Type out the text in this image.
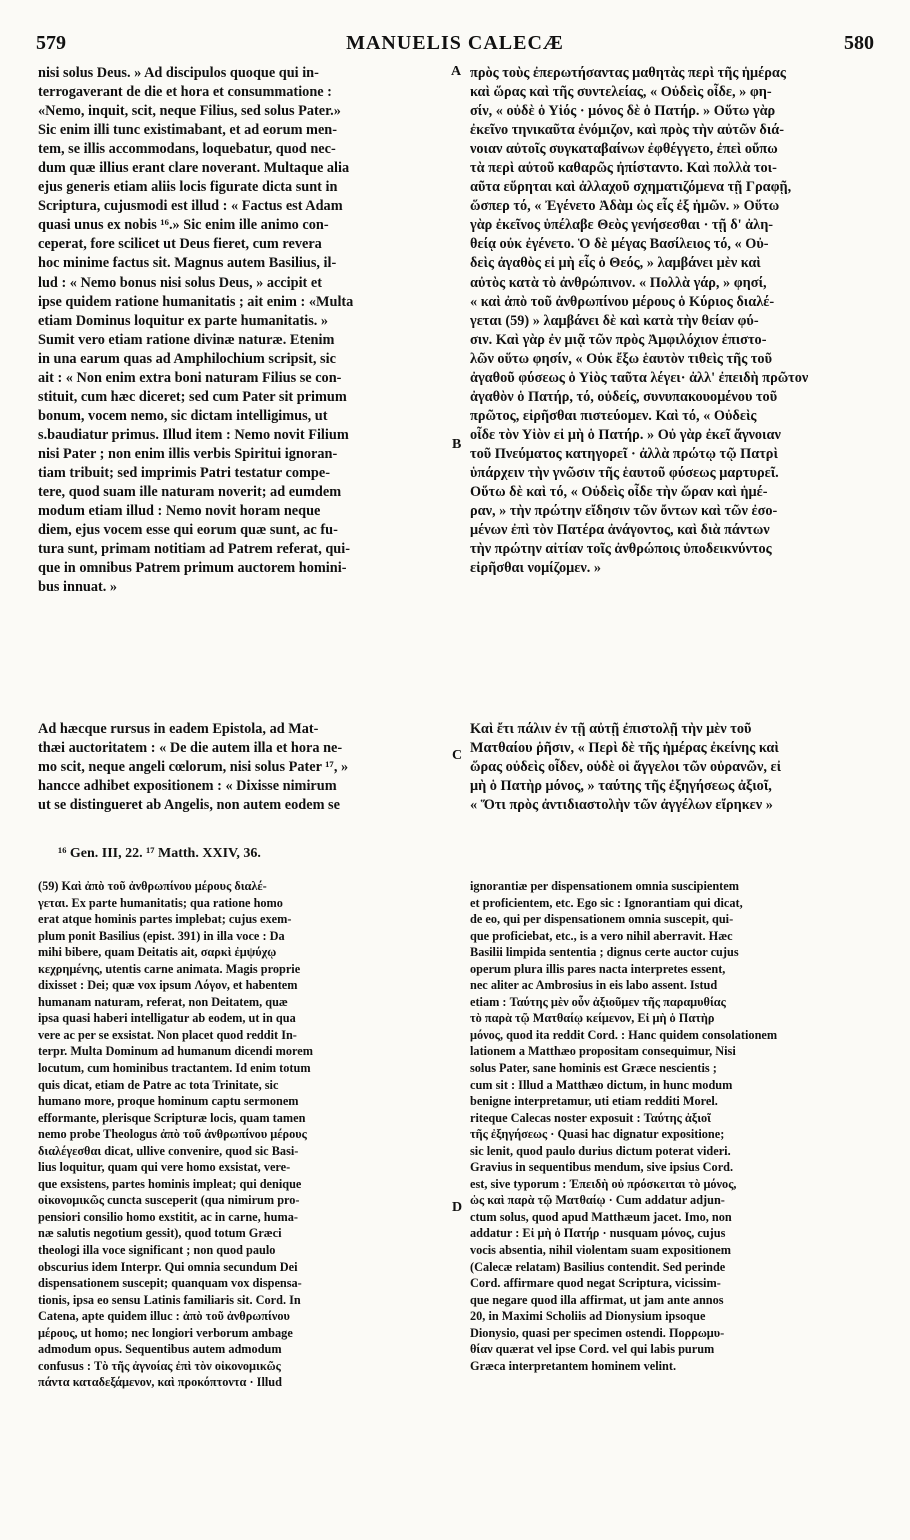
579	MANUELIS CALECÆ	580
A
B
C
D
nisi solus Deus. » Ad discipulos quoque qui in-
terrogaverant de die et hora et consummatione :
«Nemo, inquit, scit, neque Filius, sed solus Pater.»
Sic enim illi tunc existimabant, et ad eorum men-
tem, se illis accommodans, loquebatur, quod nec-
dum quæ illius erant clare noverant. Multaque alia
ejus generis etiam aliis locis figurate dicta sunt in
Scriptura, cujusmodi est illud : « Factus est Adam
quasi unus ex nobis ¹⁶.» Sic enim ille animo con-
ceperat, fore scilicet ut Deus fieret, cum revera
hoc minime factus sit. Magnus autem Basilius, il-
lud : « Nemo bonus nisi solus Deus, » accipit et
ipse quidem ratione humanitatis ; ait enim : «Multa
etiam Dominus loquitur ex parte humanitatis. »
Sumit vero etiam ratione divinæ naturæ. Etenim
in una earum quas ad Amphilochium scripsit, sic
ait : « Non enim extra boni naturam Filius se con-
stituit, cum hæc diceret; sed cum Pater sit primum
bonum, vocem nemo, sic dictam intelligimus, ut
s.baudiatur primus. Illud item : Nemo novit Filium
nisi Pater ; non enim illis verbis Spiritui ignoran-
tiam tribuit; sed imprimis Patri testatur compe-
tere, quod suam ille naturam noverit; ad eumdem
modum etiam illud : Nemo novit horam neque
diem, ejus vocem esse qui eorum quæ sunt, ac fu-
tura sunt, primam notitiam ad Patrem referat, qui-
que in omnibus Patrem primum auctorem homini-
bus innuat. »
πρὸς τοὺς ἐπερωτήσαντας μαθητὰς περὶ τῆς ἡμέρας
καὶ ὥρας καὶ τῆς συντελείας, « Οὐδεὶς οἶδε, » φη-
σίν, « οὐδὲ ὁ Υἱός · μόνος δὲ ὁ Πατήρ. » Οὕτω γὰρ
ἐκεῖνο τηνικαῦτα ἐνόμιζον, καὶ πρὸς τὴν αὐτῶν διά-
νοιαν αὐτοῖς συγκαταβαίνων ἐφθέγγετο, ἐπεὶ οὔπω
τὰ περὶ αὐτοῦ καθαρῶς ἠπίσταντο. Καὶ πολλὰ τοι-
αῦτα εὕρηται καὶ ἀλλαχοῦ σχηματιζόμενα τῇ Γραφῇ,
ὥσπερ τό, « Ἐγένετο Ἀδὰμ ὡς εἷς ἐξ ἡμῶν. » Οὕτω
γὰρ ἐκεῖνος ὑπέλαβε Θεὸς γενήσεσθαι · τῇ δ' ἀλη-
θείᾳ οὐκ ἐγένετο. Ὁ δὲ μέγας Βασίλειος τό, « Οὐ-
δεὶς ἀγαθὸς εἰ μὴ εἷς ὁ Θεός, » λαμβάνει μὲν καὶ
αὐτὸς κατὰ τὸ ἀνθρώπινον. « Πολλὰ γάρ, » φησί,
« καὶ ἀπὸ τοῦ ἀνθρωπίνου μέρους ὁ Κύριος διαλέ-
γεται (59) » λαμβάνει δὲ καὶ κατὰ τὴν θείαν φύ-
σιν. Καὶ γὰρ ἐν μιᾷ τῶν πρὸς Ἀμφιλόχιον ἐπιστο-
λῶν οὕτω φησίν, « Οὐκ ἔξω ἑαυτὸν τιθεὶς τῆς τοῦ
ἀγαθοῦ φύσεως ὁ Υἱὸς ταῦτα λέγει· ἀλλ' ἐπειδὴ πρῶτον
ἀγαθὸν ὁ Πατήρ, τό, οὐδείς, συνυπακουομένου τοῦ
πρῶτος, εἰρῆσθαι πιστεύομεν. Καὶ τό, « Οὐδεὶς
οἶδε τὸν Υἱὸν εἰ μὴ ὁ Πατήρ. » Οὐ γὰρ ἐκεῖ ἄγνοιαν
τοῦ Πνεύματος κατηγορεῖ · ἀλλὰ πρώτῳ τῷ Πατρὶ
ὑπάρχειν τὴν γνῶσιν τῆς ἑαυτοῦ φύσεως μαρτυρεῖ.
Οὕτω δὲ καὶ τό, « Οὐδεὶς οἶδε τὴν ὥραν καὶ ἡμέ-
ραν, » τὴν πρώτην εἴδησιν τῶν ὄντων καὶ τῶν ἐσο-
μένων ἐπὶ τὸν Πατέρα ἀνάγοντος, καὶ διὰ πάντων
τὴν πρώτην αἰτίαν τοῖς ἀνθρώποις ὑποδεικνύντος
εἰρῆσθαι νομίζομεν. »
Ad hæcque rursus in eadem Epistola, ad Mat-
thæi auctoritatem : « De die autem illa et hora ne-
mo scit, neque angeli cœlorum, nisi solus Pater ¹⁷, »
hancce adhibet expositionem : « Dixisse nimirum
ut se distingueret ab Angelis, non autem eodem se
Καὶ ἔτι πάλιν ἐν τῇ αὐτῇ ἐπιστολῇ τὴν μὲν τοῦ
Ματθαίου ῥῆσιν, « Περὶ δὲ τῆς ἡμέρας ἐκείνης καὶ
ὥρας οὐδεὶς οἶδεν, οὐδὲ οἱ ἄγγελοι τῶν οὐρανῶν, εἰ
μὴ ὁ Πατὴρ μόνος, » ταύτης τῆς ἐξηγήσεως ἀξιοῖ,
« Ὅτι πρὸς ἀντιδιαστολὴν τῶν ἀγγέλων εἴρηκεν »
¹⁶ Gen. III, 22. ¹⁷ Matth. XXIV, 36.
(59) Καὶ ἀπὸ τοῦ ἀνθρωπίνου μέρους διαλέ-
γεται. Ex parte humanitatis; qua ratione homo
erat atque hominis partes implebat; cujus exem-
plum ponit Basilius (epist. 391) in illa voce : Da
mihi bibere, quam Deitatis ait, σαρκὶ ἐμψύχῳ
κεχρημένης, utentis carne animata. Magis proprie
dixisset : Dei; quæ vox ipsum Λόγον, et habentem
humanam naturam, referat, non Deitatem, quæ
ipsa quasi haberi intelligatur ab eodem, ut in qua
vere ac per se exsistat. Non placet quod reddit In-
terpr. Multa Dominum ad humanum dicendi morem
locutum, cum hominibus tractantem. Id enim totum
quis dicat, etiam de Patre ac tota Trinitate, sic
humano more, proque hominum captu sermonem
efformante, plerisque Scripturæ locis, quam tamen
nemo probe Theologus ἀπὸ τοῦ ἀνθρωπίνου μέρους
διαλέγεσθαι dicat, ullive convenire, quod sic Basi-
lius loquitur, quam qui vere homo exsistat, vere-
que exsistens, partes hominis impleat; qui denique
οἰκονομικῶς cuncta susceperit (qua nimirum pro-
pensiori consilio homo exstitit, ac in carne, huma-
næ salutis negotium gessit), quod totum Græci
theologi illa voce significant ; non quod paulo
obscurius idem Interpr. Qui omnia secundum Dei
dispensationem suscepit; quanquam vox dispensa-
tionis, ipsa eo sensu Latinis familiaris sit. Cord. In
Catena, apte quidem illuc : ἀπὸ τοῦ ἀνθρωπίνου
μέρους, ut homo; nec longiori verborum ambage
admodum opus. Sequentibus autem admodum
confusus : Τὸ τῆς ἀγνοίας ἐπὶ τὸν οἰκονομικῶς
πάντα καταδεξάμενον, καὶ προκόπτοντα · Illud
ignorantiæ per dispensationem omnia suscipientem
et proficientem, etc. Ego sic : Ignorantiam qui dicat,
de eo, qui per dispensationem omnia suscepit, qui-
que proficiebat, etc., is a vero nihil aberravit. Hæc
Basilii limpida sententia ; dignus certe auctor cujus
operum plura illis pares nacta interpretes essent,
nec aliter ac Ambrosius in eis labo assent. Istud
etiam : Ταύτης μὲν οὖν ἀξιοῦμεν τῆς παραμυθίας
τὸ παρὰ τῷ Ματθαίῳ κείμενον, Εἰ μὴ ὁ Πατὴρ
μόνος, quod ita reddit Cord. : Hanc quidem consolationem
lationem a Matthæo propositam consequimur, Nisi
solus Pater, sane hominis est Græce nescientis ;
cum sit : Illud a Matthæo dictum, in hunc modum
benigne interpretamur, uti etiam redditi Morel.
riteque Calecas noster exposuit : Ταύτης ἀξιοῖ
τῆς ἐξηγήσεως · Quasi hac dignatur expositione;
sic lenit, quod paulo durius dictum poterat videri.
Gravius in sequentibus mendum, sive ipsius Cord.
est, sive typorum : Ἐπειδὴ οὐ πρόσκειται τὸ μόνος,
ὡς καὶ παρὰ τῷ Ματθαίῳ · Cum addatur adjun-
ctum solus, quod apud Matthæum jacet. Imo, non
addatur : Εἰ μὴ ὁ Πατήρ · nusquam μόνος, cujus
vocis absentia, nihil violentam suam expositionem
(Calecæ relatam) Basilius contendit. Sed perinde
Cord. affirmare quod negat Scriptura, vicissim-
que negare quod illa affirmat, ut jam ante annos
20, in Maximi Scholiis ad Dionysium ipsoque
Dionysio, quasi per specimen ostendi. Πορρωμυ-
θίαν quærat vel ipse Cord. vel qui labis purum
Græca interpretantem hominem velint.
